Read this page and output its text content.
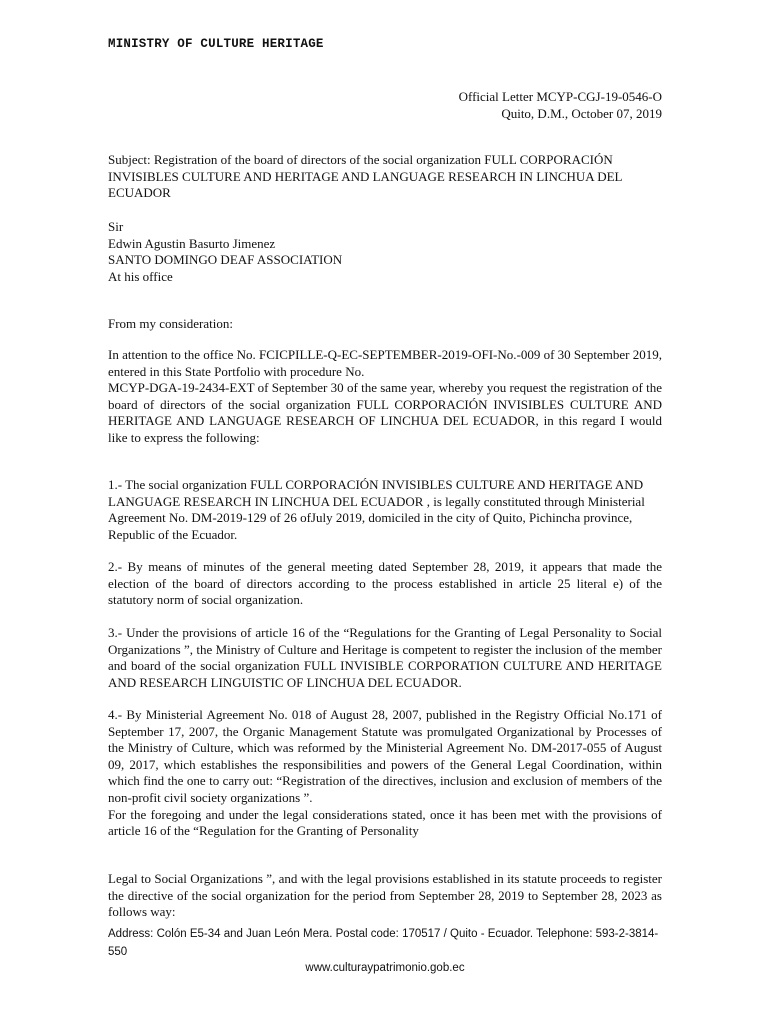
MINISTRY OF CULTURE HERITAGE
Official Letter MCYP-CGJ-19-0546-O
Quito, D.M., October 07, 2019
Subject: Registration of the board of directors of the social organization FULL CORPORACIÓN INVISIBLES CULTURE AND HERITAGE AND LANGUAGE RESEARCH IN LINCHUA DEL ECUADOR
Sir
Edwin Agustin Basurto Jimenez
SANTO DOMINGO DEAF ASSOCIATION
At his office
From my consideration:
In attention to the office No. FCICPILLE-Q-EC-SEPTEMBER-2019-OFI-No.-009 of 30 September 2019, entered in this State Portfolio with procedure No.
MCYP-DGA-19-2434-EXT of September 30 of the same year, whereby you request the registration of the board of directors of the social organization FULL CORPORACIÓN INVISIBLES CULTURE AND HERITAGE AND LANGUAGE RESEARCH OF LINCHUA DEL ECUADOR, in this regard I would like to express the following:
1.- The social organization FULL CORPORACIÓN INVISIBLES CULTURE AND HERITAGE AND LANGUAGE RESEARCH IN LINCHUA DEL ECUADOR , is legally constituted through Ministerial Agreement No. DM-2019-129 of 26 ofJuly 2019, domiciled in the city of Quito, Pichincha province, Republic of the Ecuador.
2.- By means of minutes of the general meeting dated September 28, 2019, it appears that made the election of the board of directors according to the process established in article 25 literal e) of the statutory norm of social organization.
3.- Under the provisions of article 16 of the “Regulations for the Granting of Legal Personality to Social Organizations ”, the Ministry of Culture and Heritage is competent to register the inclusion of the member and board of the social organization FULL INVISIBLE CORPORATION CULTURE AND HERITAGE AND RESEARCH LINGUISTIC OF LINCHUA DEL ECUADOR.
4.- By Ministerial Agreement No. 018 of August 28, 2007, published in the Registry Official No.171 of September 17, 2007, the Organic Management Statute was promulgated Organizational by Processes of the Ministry of Culture, which was reformed by the Ministerial Agreement No. DM-2017-055 of August 09, 2017, which establishes the responsibilities and powers of the General Legal Coordination, within which find the one to carry out: “Registration of the directives, inclusion and exclusion of members of the non-profit civil society organizations ”.
For the foregoing and under the legal considerations stated, once it has been met with the provisions of article 16 of the “Regulation for the Granting of Personality
Legal to Social Organizations ”, and with the legal provisions established in its statute proceeds to register the directive of the social organization for the period from September 28, 2019 to September 28, 2023 as follows way:
Address: Colón E5-34 and Juan León Mera. Postal code: 170517 / Quito - Ecuador. Telephone: 593-2-3814-550
www.culturaypatrimonio.gob.ec
